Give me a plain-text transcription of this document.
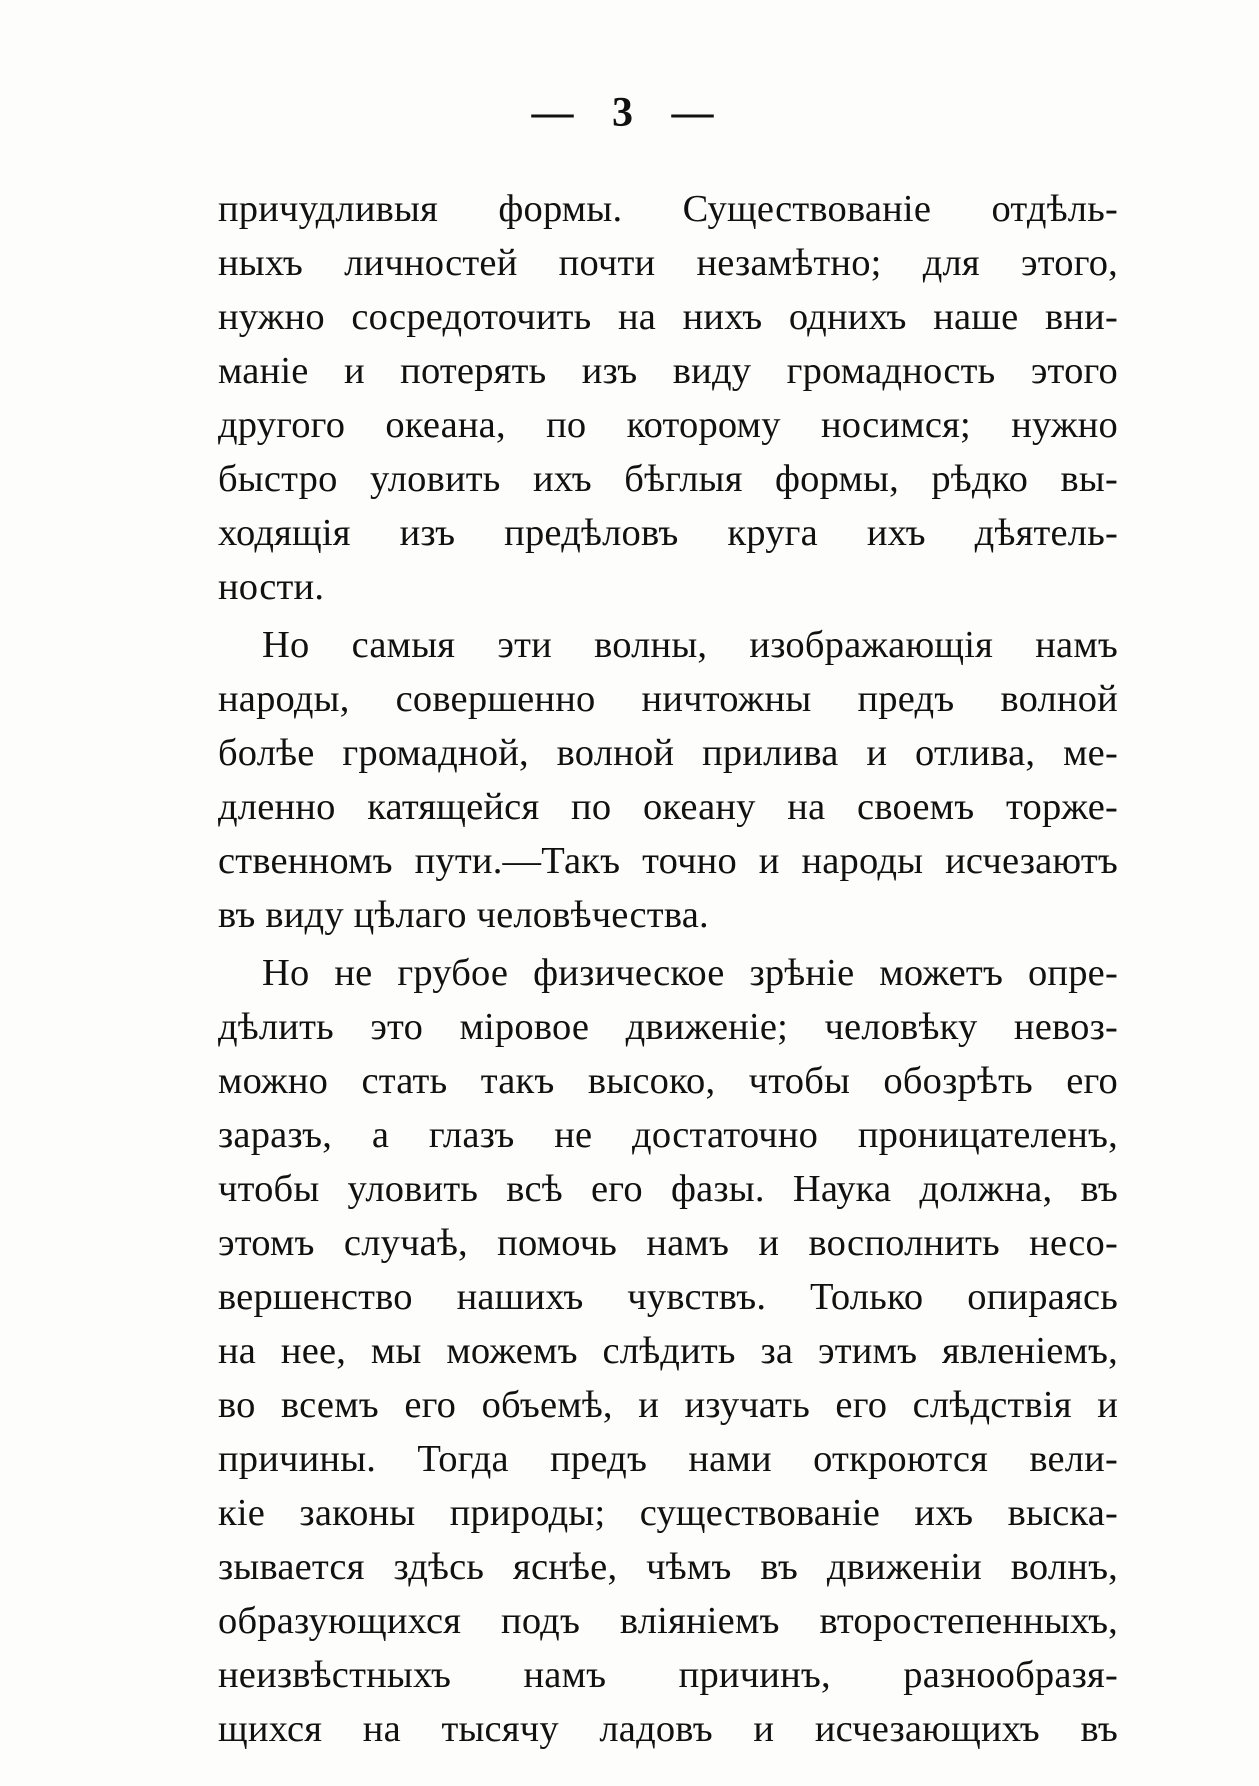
— 3 —
причудливыя формы. Существованіе отдѣль-
ныхъ личностей почти незамѣтно; для этого,
нужно сосредоточить на нихъ однихъ наше вни-
маніе и потерять изъ виду громадность этого
другого океана, по которому носимся; нужно
быстро уловить ихъ бѣглыя формы, рѣдко вы-
ходящія изъ предѣловъ круга ихъ дѣятель-
ности.
Но самыя эти волны, изображающія намъ
народы, совершенно ничтожны предъ волной
болѣе громадной, волной прилива и отлива, ме-
дленно катящейся по океану на своемъ торже-
ственномъ пути.—Такъ точно и народы исчезаютъ
въ виду цѣлаго человѣчества.
Но не грубое физическое зрѣніе можетъ опре-
дѣлить это міровое движеніе; человѣку невоз-
можно стать такъ высоко, чтобы обозрѣть его
заразъ, а глазъ не достаточно проницателенъ,
чтобы уловить всѣ его фазы. Наука должна, въ
этомъ случаѣ, помочь намъ и восполнить несо-
вершенство нашихъ чувствъ. Только опираясь
на нее, мы можемъ слѣдить за этимъ явленіемъ,
во всемъ его объемѣ, и изучать его слѣдствія и
причины. Тогда предъ нами откроются вели-
кіе законы природы; существованіе ихъ выска-
зывается здѣсь яснѣе, чѣмъ въ движеніи волнъ,
образующихся подъ вліяніемъ второстепенныхъ,
неизвѣстныхъ намъ причинъ, разнообразя-
щихся на тысячу ладовъ и исчезающихъ въ
